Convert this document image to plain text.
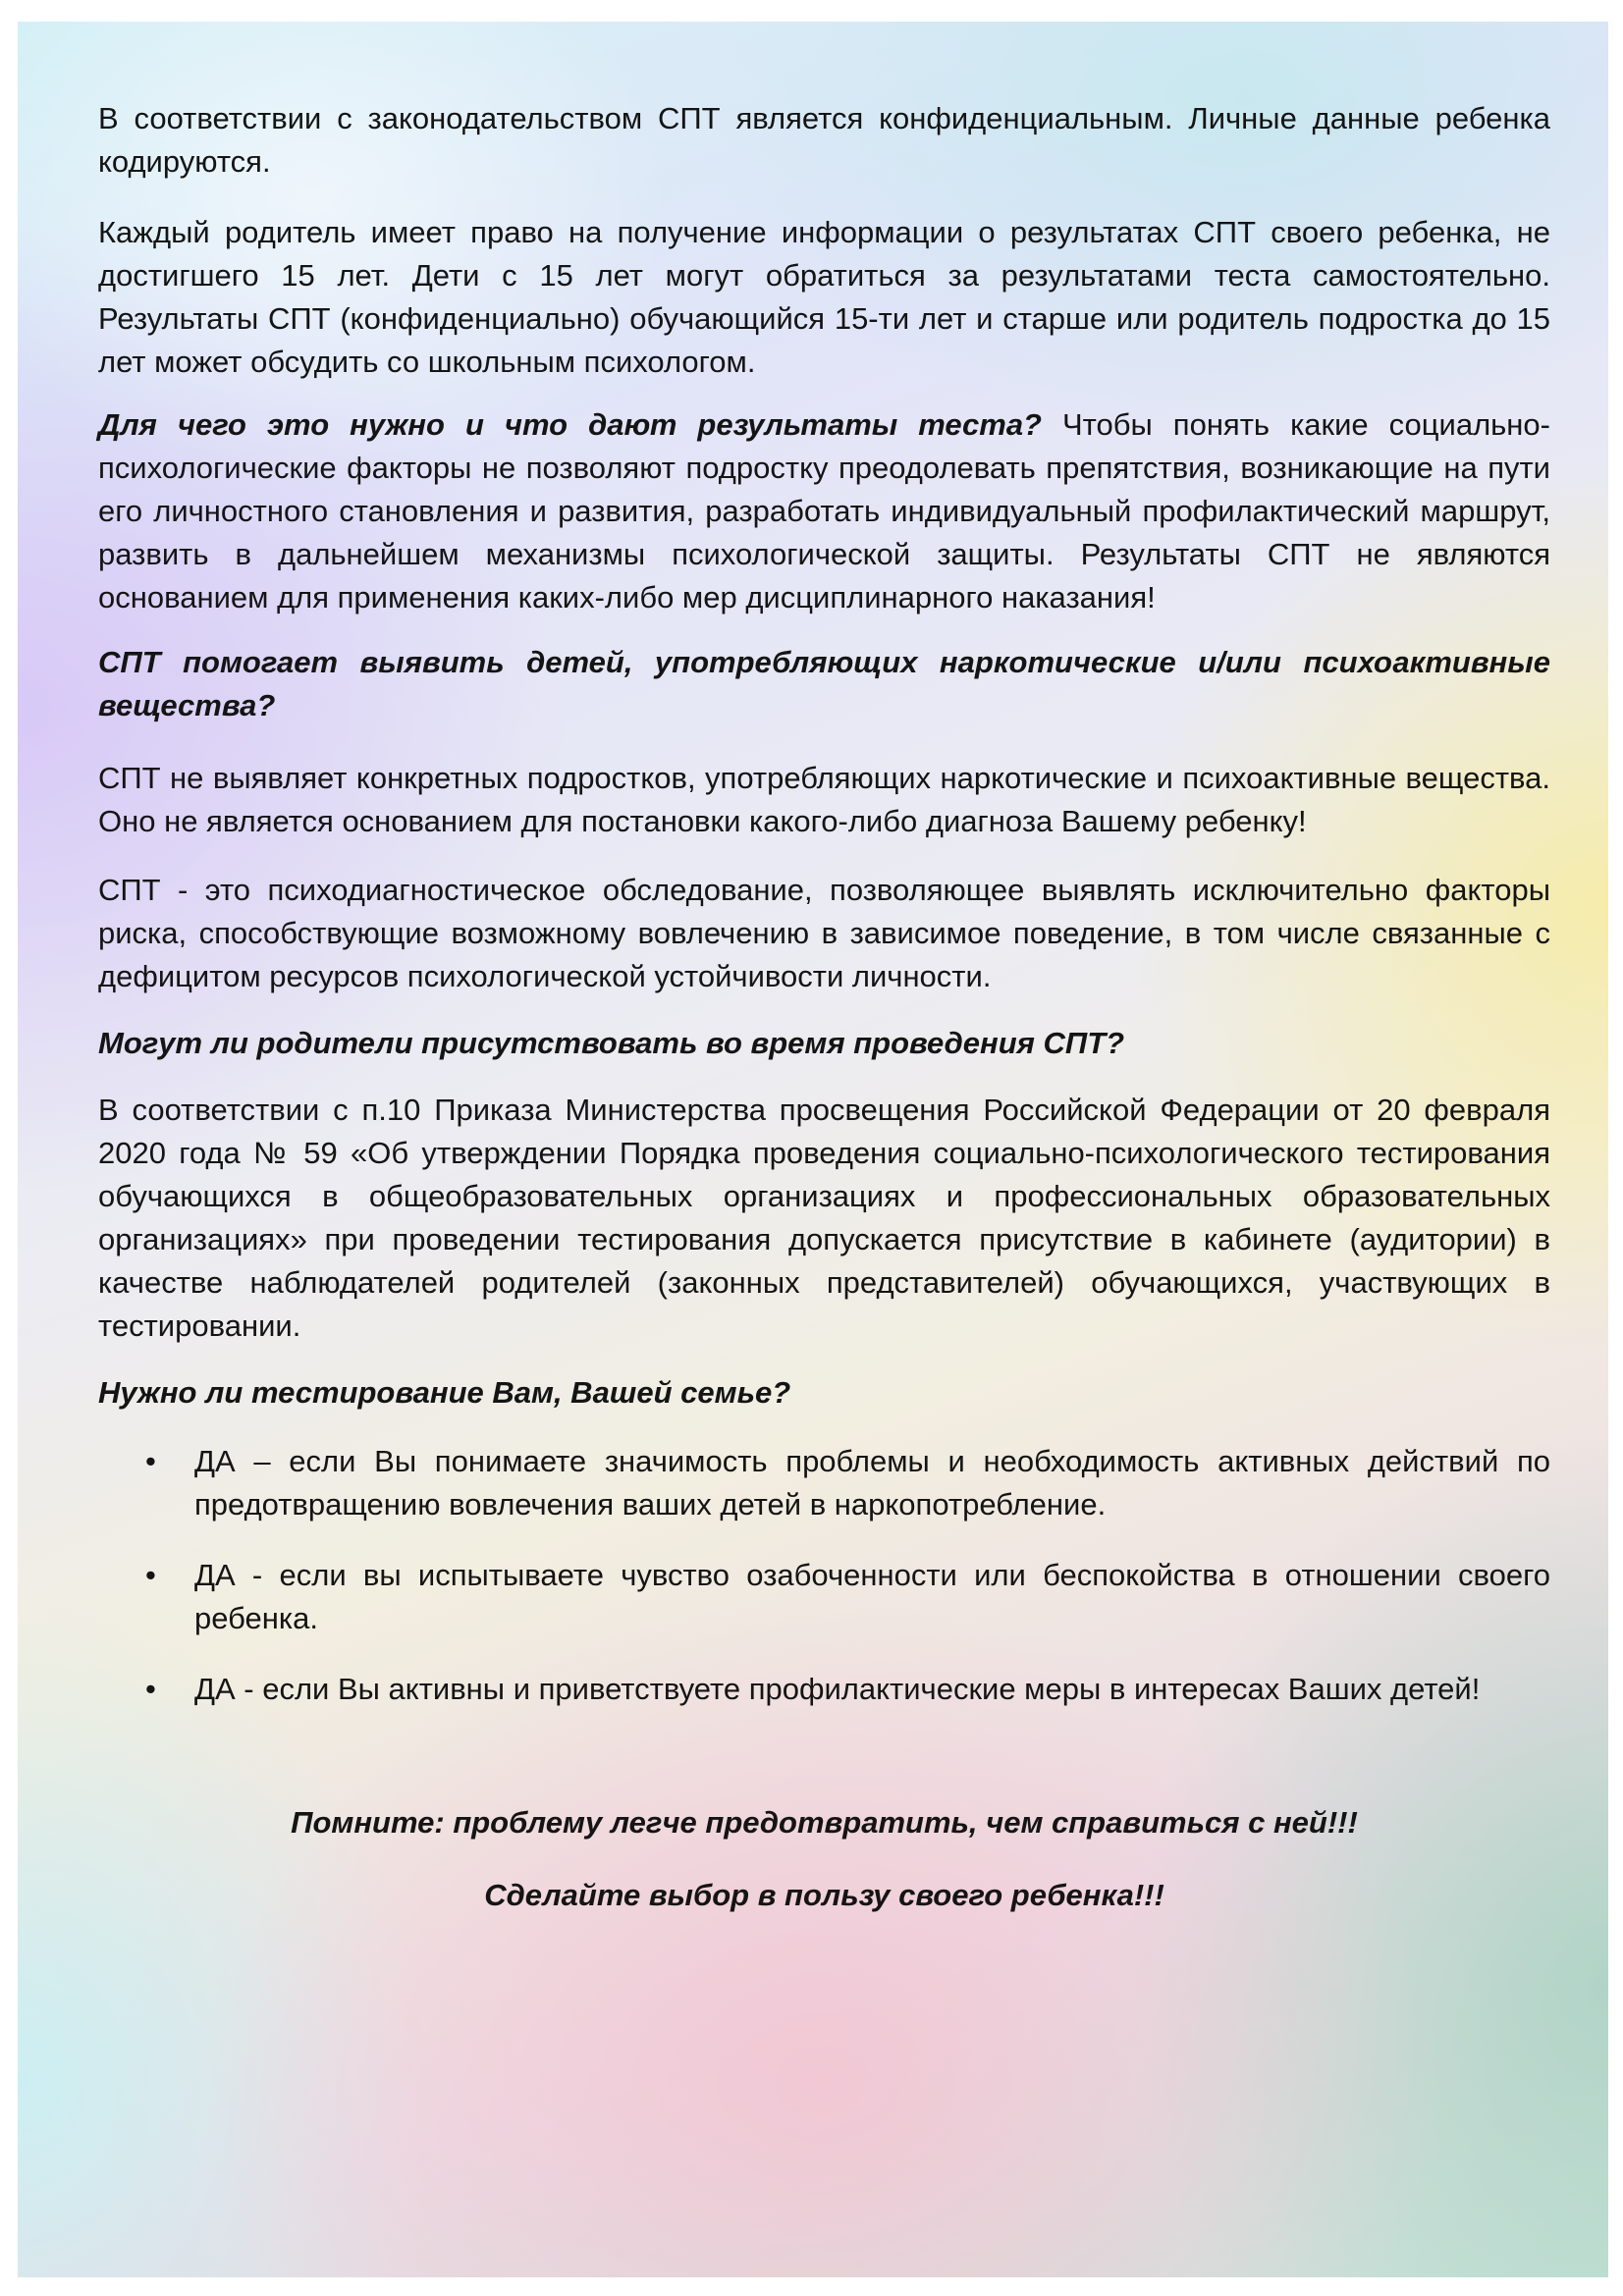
В соответствии с законодательством СПТ является конфиденциальным. Личные данные ребенка кодируются.

Каждый родитель имеет право на получение информации о результатах СПТ своего ребенка, не достигшего 15 лет. Дети с 15 лет могут обратиться за результатами теста самостоятельно. Результаты СПТ (конфиденциально) обучающийся 15-ти лет и старше или родитель подростка до 15 лет может обсудить со школьным психологом.

Для чего это нужно и что дают результаты теста? Чтобы понять какие социально-психологические факторы не позволяют подростку преодолевать препятствия, возникающие на пути его личностного становления и развития, разработать индивидуальный профилактический маршрут, развить в дальнейшем механизмы психологической защиты. Результаты СПТ не являются основанием для применения каких-либо мер дисциплинарного наказания!

СПТ помогает выявить детей, употребляющих наркотические и/или психоактивные вещества?

СПТ не выявляет конкретных подростков, употребляющих наркотические и психоактивные вещества. Оно не является основанием для постановки какого-либо диагноза Вашему ребенку!

СПТ - это психодиагностическое обследование, позволяющее выявлять исключительно факторы риска, способствующие возможному вовлечению в зависимое поведение, в том числе связанные с дефицитом ресурсов психологической устойчивости личности.

Могут ли родители присутствовать во время проведения СПТ?

В соответствии с п.10 Приказа Министерства просвещения Российской Федерации от 20 февраля 2020 года № 59 «Об утверждении Порядка проведения социально-психологического тестирования обучающихся в общеобразовательных организациях и профессиональных образовательных организациях» при проведении тестирования допускается присутствие в кабинете (аудитории) в качестве наблюдателей родителей (законных представителей) обучающихся, участвующих в тестировании.

Нужно ли тестирование Вам, Вашей семье?
• ДА – если Вы понимаете значимость проблемы и необходимость активных действий по предотвращению вовлечения ваших детей в наркопотребление.
• ДА - если вы испытываете чувство озабоченности или беспокойства в отношении своего ребенка.
• ДА - если Вы активны и приветствуете профилактические меры в интересах Ваших детей!
Помните: проблему легче предотвратить, чем справиться с ней!!!
Сделайте выбор в пользу своего ребенка!!!
